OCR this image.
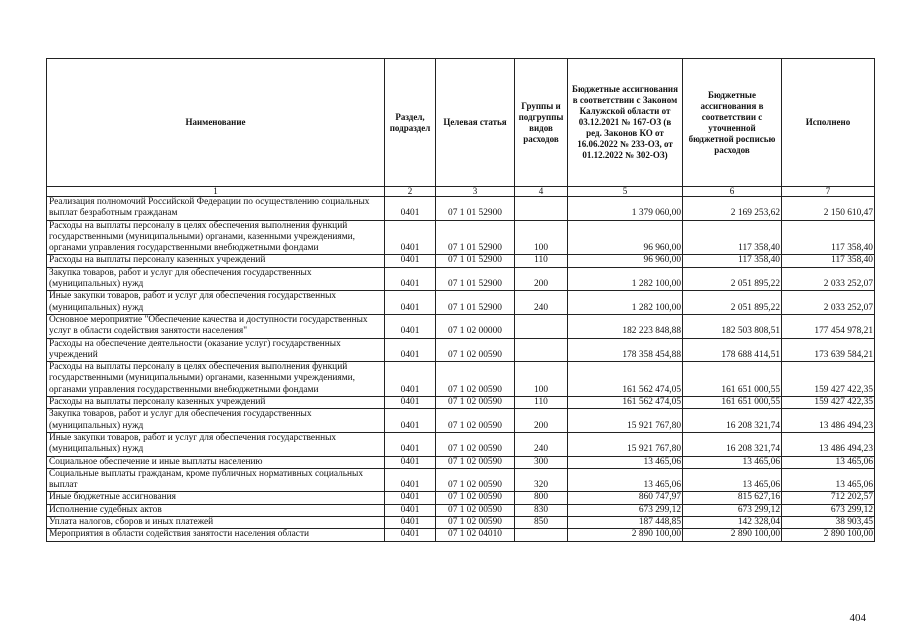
Наименование	Раздел, подраздел	Целевая статья	Группы и подгруппы видов расходов	Бюджетные ассигнования в соответствии с Законом Калужской области от 03.12.2021 № 167-ОЗ (в ред. Законов КО от 16.06.2022 № 233-ОЗ, от 01.12.2022 № 302-ОЗ)	Бюджетные ассигнования в соответствии с уточненной бюджетной росписью расходов	Исполнено
1	2	3	4	5	6	7
Реализация полномочий Российской Федерации по осуществлению социальных выплат безработным гражданам	0401	07 1 01 52900		1 379 060,00	2 169 253,62	2 150 610,47
Расходы на выплаты персоналу в целях обеспечения выполнения функций государственными (муниципальными) органами, казенными учреждениями, органами управления государственными внебюджетными фондами	0401	07 1 01 52900	100	96 960,00	117 358,40	117 358,40
Расходы на выплаты персоналу казенных учреждений	0401	07 1 01 52900	110	96 960,00	117 358,40	117 358,40
Закупка товаров, работ и услуг для обеспечения государственных (муниципальных) нужд	0401	07 1 01 52900	200	1 282 100,00	2 051 895,22	2 033 252,07
Иные закупки товаров, работ и услуг для обеспечения государственных (муниципальных) нужд	0401	07 1 01 52900	240	1 282 100,00	2 051 895,22	2 033 252,07
Основное мероприятие "Обеспечение качества и доступности государственных услуг в области содействия занятости населения"	0401	07 1 02 00000		182 223 848,88	182 503 808,51	177 454 978,21
Расходы на обеспечение деятельности (оказание услуг) государственных учреждений	0401	07 1 02 00590		178 358 454,88	178 688 414,51	173 639 584,21
Расходы на выплаты персоналу в целях обеспечения выполнения функций государственными (муниципальными) органами, казенными учреждениями, органами управления государственными внебюджетными фондами	0401	07 1 02 00590	100	161 562 474,05	161 651 000,55	159 427 422,35
Расходы на выплаты персоналу казенных учреждений	0401	07 1 02 00590	110	161 562 474,05	161 651 000,55	159 427 422,35
Закупка товаров, работ и услуг для обеспечения государственных (муниципальных) нужд	0401	07 1 02 00590	200	15 921 767,80	16 208 321,74	13 486 494,23
Иные закупки товаров, работ и услуг для обеспечения государственных (муниципальных) нужд	0401	07 1 02 00590	240	15 921 767,80	16 208 321,74	13 486 494,23
Социальное обеспечение и иные выплаты населению	0401	07 1 02 00590	300	13 465,06	13 465,06	13 465,06
Социальные выплаты гражданам, кроме публичных нормативных социальных выплат	0401	07 1 02 00590	320	13 465,06	13 465,06	13 465,06
Иные бюджетные ассигнования	0401	07 1 02 00590	800	860 747,97	815 627,16	712 202,57
Исполнение судебных актов	0401	07 1 02 00590	830	673 299,12	673 299,12	673 299,12
Уплата налогов, сборов и иных платежей	0401	07 1 02 00590	850	187 448,85	142 328,04	38 903,45
Мероприятия в области содействия занятости населения области	0401	07 1 02 04010		2 890 100,00	2 890 100,00	2 890 100,00
404
